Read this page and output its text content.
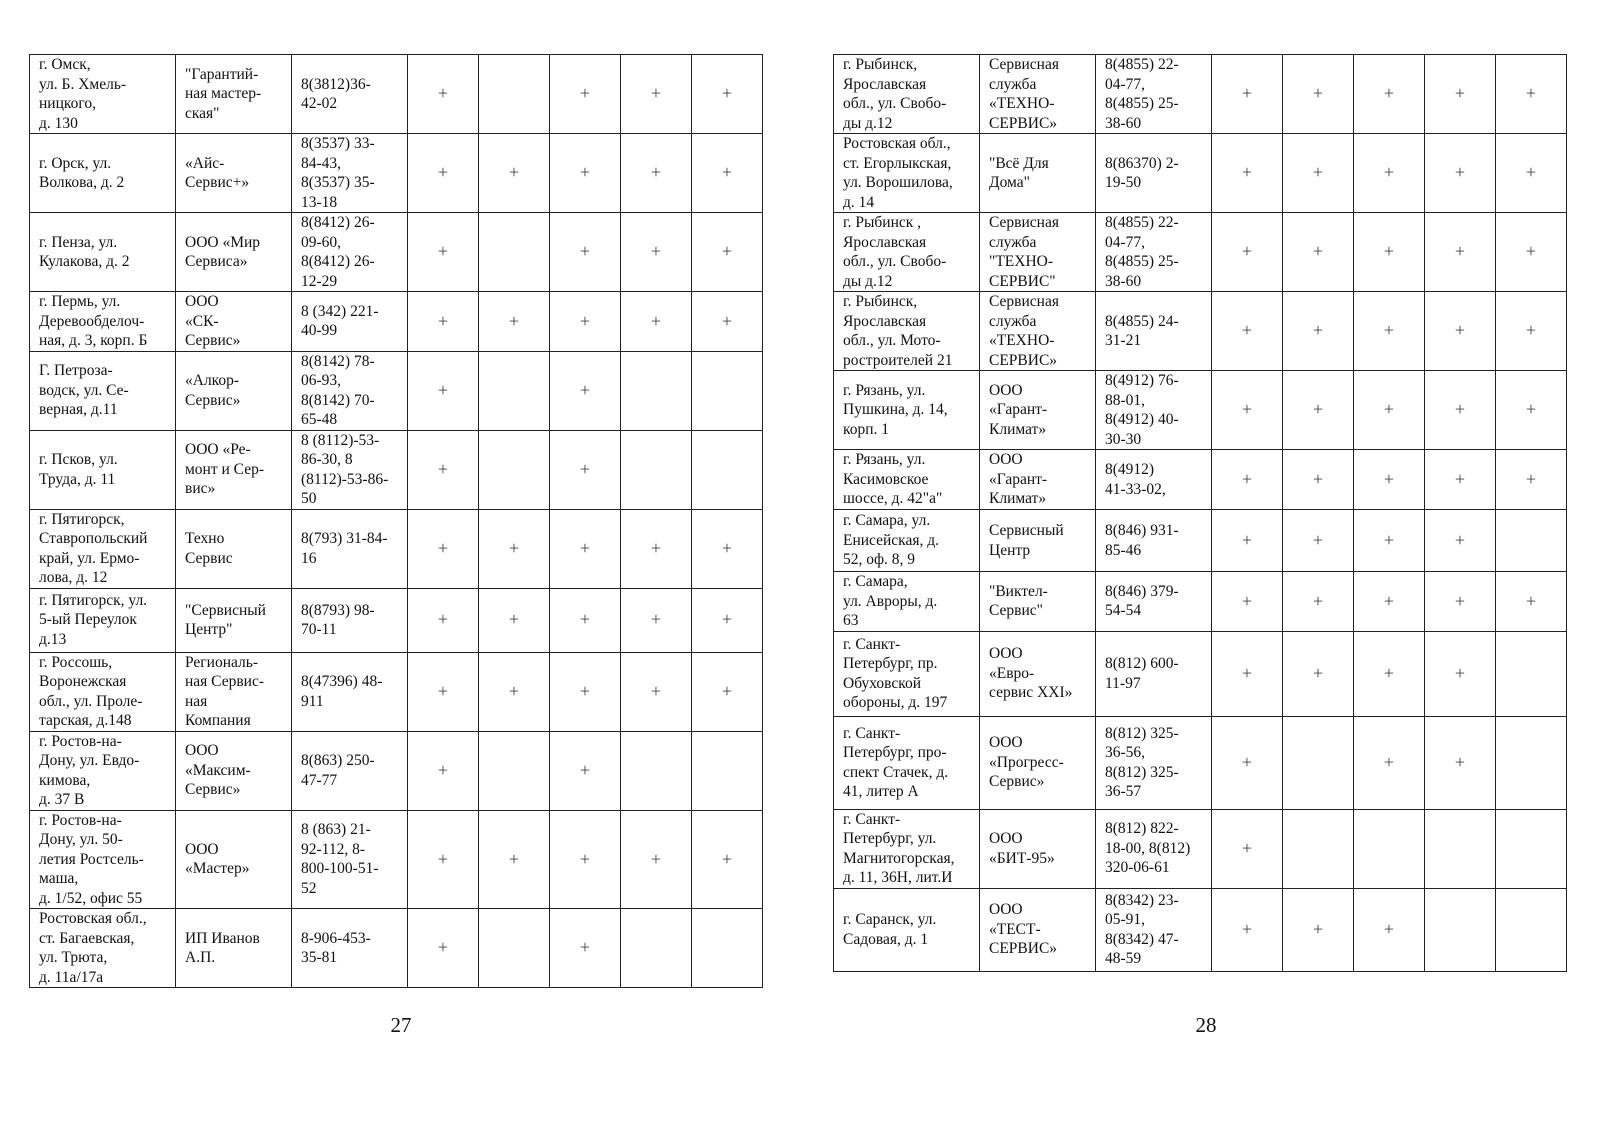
г. Омск,
ул. Б. Хмель-
ницкого,
д. 130	"Гарантий-
ная мастер-
ская"	8(3812)36-
42-02	+		+	+	+
г. Орск, ул.
Волкова, д. 2	«Айс-
Сервис+»	8(3537) 33-
84-43,
8(3537) 35-
13-18	+	+	+	+	+
г. Пенза, ул.
Кулакова, д. 2	ООО «Мир
Сервиса»	8(8412) 26-
09-60,
8(8412) 26-
12-29	+		+	+	+
г. Пермь, ул.
Деревообделоч-
ная, д. 3, корп. Б	ООО
«СК-
Сервис»	8 (342) 221-
40-99	+	+	+	+	+
Г. Петроза-
водск, ул. Се-
верная, д.11	«Алкор-
Сервис»	8(8142) 78-
06-93,
8(8142) 70-
65-48	+		+		
г. Псков, ул.
Труда, д. 11	ООО «Ре-
монт и Сер-
вис»	8 (8112)-53-
86-30, 8
(8112)-53-86-
50	+		+		
г. Пятигорск,
Ставропольский
край, ул. Ермо-
лова, д. 12	Техно
Сервис	8(793) 31-84-
16	+	+	+	+	+
г. Пятигорск, ул.
5-ый Переулок
д.13	"Сервисный
Центр"	8(8793) 98-
70-11	+	+	+	+	+
г. Россошь,
Воронежская
обл., ул. Проле-
тарская, д.148	Региональ-
ная Сервис-
ная
Компания	8(47396) 48-
911	+	+	+	+	+
г. Ростов-на-
Дону, ул. Евдо-
кимова,
д. 37 В	ООО
«Максим-
Сервис»	8(863) 250-
47-77	+		+		
г. Ростов-на-
Дону, ул. 50-
летия Ростсель-
маша,
д. 1/52, офис 55	ООО
«Мастер»	8 (863) 21-
92-112, 8-
800-100-51-
52	+	+	+	+	+
Ростовская обл.,
ст. Багаевская,
ул. Трюта,
д. 11а/17а	ИП Иванов
А.П.	8-906-453-
35-81	+		+		
27
г. Рыбинск,
Ярославская
обл., ул. Свобо-
ды д.12	Сервисная
служба
«ТЕХНО-
СЕРВИС»	8(4855) 22-
04-77,
8(4855) 25-
38-60	+	+	+	+	+
Ростовская обл.,
ст. Егорлыкская,
ул. Ворошилова,
д. 14	"Всё Для
Дома"	8(86370) 2-
19-50	+	+	+	+	+
г. Рыбинск ,
Ярославская
обл., ул. Свобо-
ды д.12	Сервисная
служба
"ТЕХНО-
СЕРВИС"	8(4855) 22-
04-77,
8(4855) 25-
38-60	+	+	+	+	+
г. Рыбинск,
Ярославская
обл., ул. Мото-
ростроителей 21	Сервисная
служба
«ТЕХНО-
СЕРВИС»	8(4855) 24-
31-21	+	+	+	+	+
г. Рязань, ул.
Пушкина, д. 14,
корп. 1	ООО
«Гарант-
Климат»	8(4912) 76-
88-01,
8(4912) 40-
30-30	+	+	+	+	+
г. Рязань, ул.
Касимовское
шоссе, д. 42"а"	ООО
«Гарант-
Климат»	8(4912)
41-33-02,	+	+	+	+	+
г. Самара, ул.
Енисейская, д.
52, оф. 8, 9	Сервисный
Центр	8(846) 931-
85-46	+	+	+	+	
г. Самара,
ул. Авроры, д.
63	"Виктел-
Сервис"	8(846) 379-
54-54	+	+	+	+	+
г. Санкт-
Петербург, пр.
Обуховской
обороны, д. 197	ООО
«Евро-
сервис XXI»	8(812) 600-
11-97	+	+	+	+	
г. Санкт-
Петербург, про-
спект Стачек, д.
41, литер А	ООО
«Прогресс-
Сервис»	8(812) 325-
36-56,
8(812) 325-
36-57	+		+	+	
г. Санкт-
Петербург, ул.
Магнитогорская,
д. 11, 36Н, лит.И	ООО
«БИТ-95»	8(812) 822-
18-00, 8(812)
320-06-61	+				
г. Саранск, ул.
Садовая, д. 1	ООО
«ТЕСТ-
СЕРВИС»	8(8342) 23-
05-91,
8(8342) 47-
48-59	+	+	+		
28
